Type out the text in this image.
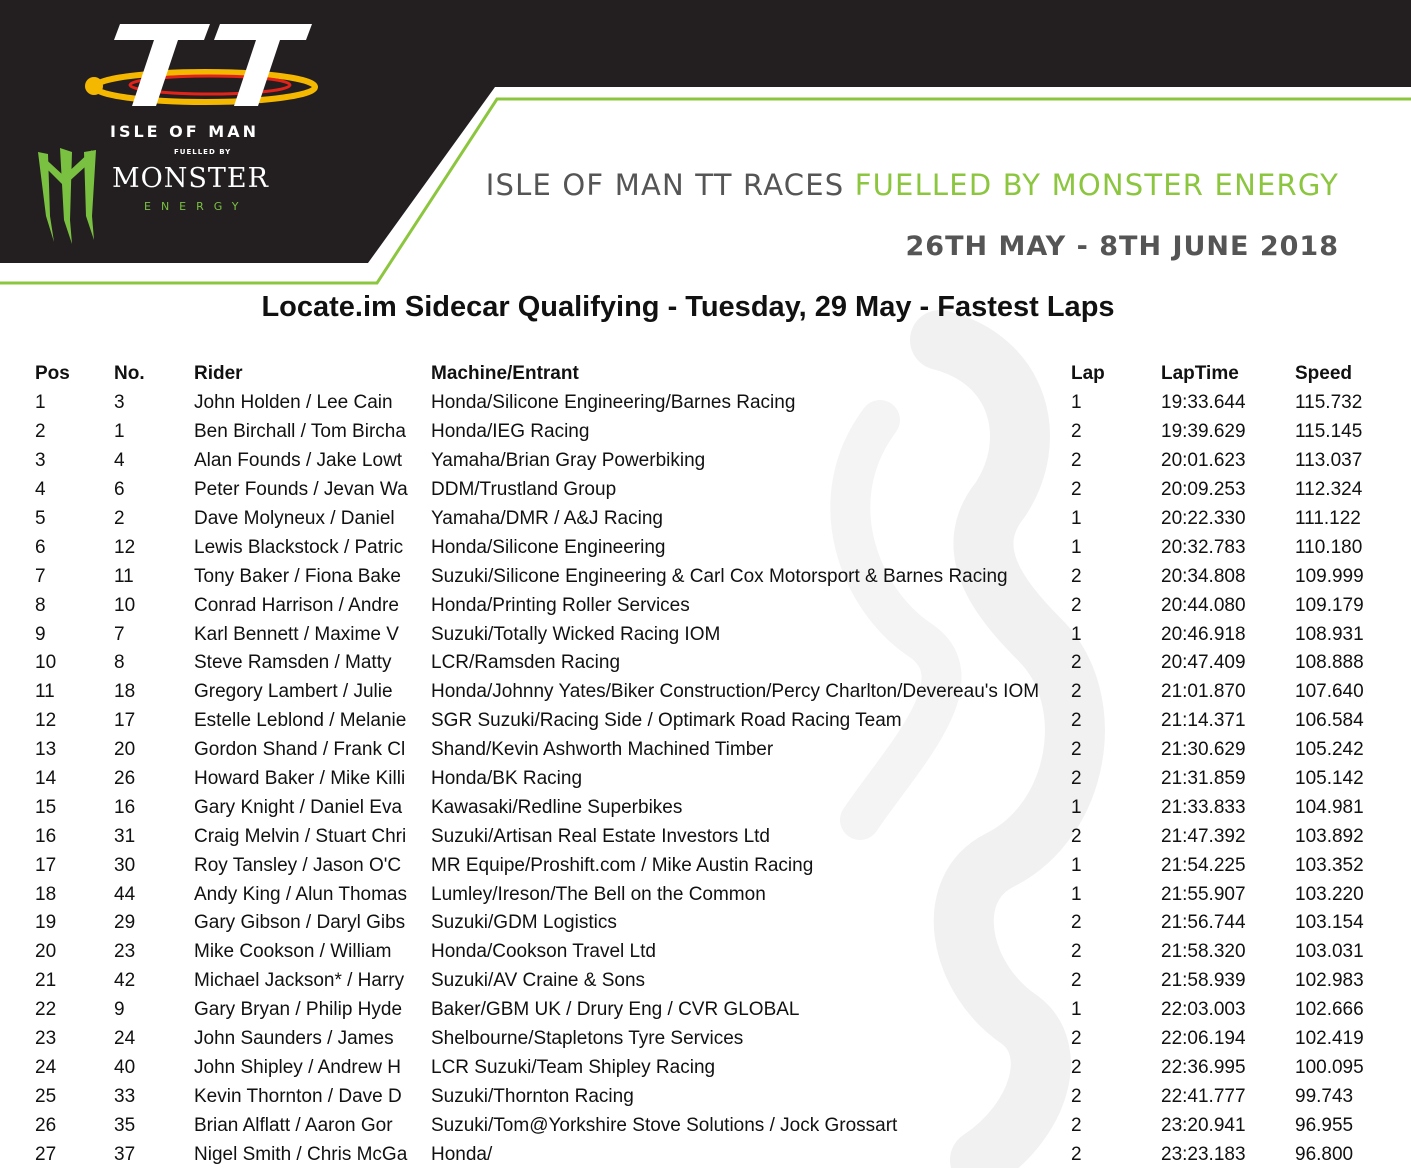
ISLE OF MAN
FUELLED BY
MONSTER
ENERGY
ISLE OF MAN TT RACES FUELLED BY MONSTER ENERGY
26TH MAY - 8TH JUNE 2018
Locate.im Sidecar Qualifying - Tuesday, 29 May - Fastest Laps
Pos	No.	Rider	Machine/Entrant	Lap	LapTime	Speed
1	3	John Holden / Lee Cain	Honda/Silicone Engineering/Barnes Racing	1	19:33.644	115.732
2	1	Ben Birchall / Tom Bircha	Honda/IEG Racing	2	19:39.629	115.145
3	4	Alan Founds / Jake Lowt	Yamaha/Brian Gray Powerbiking	2	20:01.623	113.037
4	6	Peter Founds / Jevan Wa	DDM/Trustland Group	2	20:09.253	112.324
5	2	Dave Molyneux / Daniel	Yamaha/DMR / A&J Racing	1	20:22.330	111.122
6	12	Lewis Blackstock / Patric	Honda/Silicone Engineering	1	20:32.783	110.180
7	11	Tony Baker / Fiona Bake	Suzuki/Silicone Engineering & Carl Cox Motorsport & Barnes Racing	2	20:34.808	109.999
8	10	Conrad Harrison / Andre	Honda/Printing Roller Services	2	20:44.080	109.179
9	7	Karl Bennett / Maxime V	Suzuki/Totally Wicked Racing IOM	1	20:46.918	108.931
10	8	Steve Ramsden / Matty	LCR/Ramsden Racing	2	20:47.409	108.888
11	18	Gregory Lambert / Julie	Honda/Johnny Yates/Biker Construction/Percy Charlton/Devereau's IOM	2	21:01.870	107.640
12	17	Estelle Leblond / Melanie	SGR Suzuki/Racing Side / Optimark Road Racing Team	2	21:14.371	106.584
13	20	Gordon Shand / Frank Cl	Shand/Kevin Ashworth Machined Timber	2	21:30.629	105.242
14	26	Howard Baker / Mike Killi	Honda/BK Racing	2	21:31.859	105.142
15	16	Gary Knight / Daniel Eva	Kawasaki/Redline Superbikes	1	21:33.833	104.981
16	31	Craig Melvin / Stuart Chri	Suzuki/Artisan Real Estate Investors Ltd	2	21:47.392	103.892
17	30	Roy Tansley / Jason O'C	MR Equipe/Proshift.com / Mike Austin Racing	1	21:54.225	103.352
18	44	Andy King / Alun Thomas	Lumley/Ireson/The Bell on the Common	1	21:55.907	103.220
19	29	Gary Gibson / Daryl Gibs	Suzuki/GDM Logistics	2	21:56.744	103.154
20	23	Mike Cookson / William	Honda/Cookson Travel Ltd	2	21:58.320	103.031
21	42	Michael Jackson* / Harry	Suzuki/AV Craine & Sons	2	21:58.939	102.983
22	9	Gary Bryan / Philip Hyde	Baker/GBM UK / Drury Eng / CVR GLOBAL	1	22:03.003	102.666
23	24	John Saunders / James	Shelbourne/Stapletons Tyre Services	2	22:06.194	102.419
24	40	John Shipley / Andrew H	LCR Suzuki/Team Shipley Racing	2	22:36.995	100.095
25	33	Kevin Thornton / Dave D	Suzuki/Thornton Racing	2	22:41.777	99.743
26	35	Brian Alflatt / Aaron Gor	Suzuki/Tom@Yorkshire Stove Solutions / Jock Grossart	2	23:20.941	96.955
27	37	Nigel Smith / Chris McGa	Honda/	2	23:23.183	96.800
